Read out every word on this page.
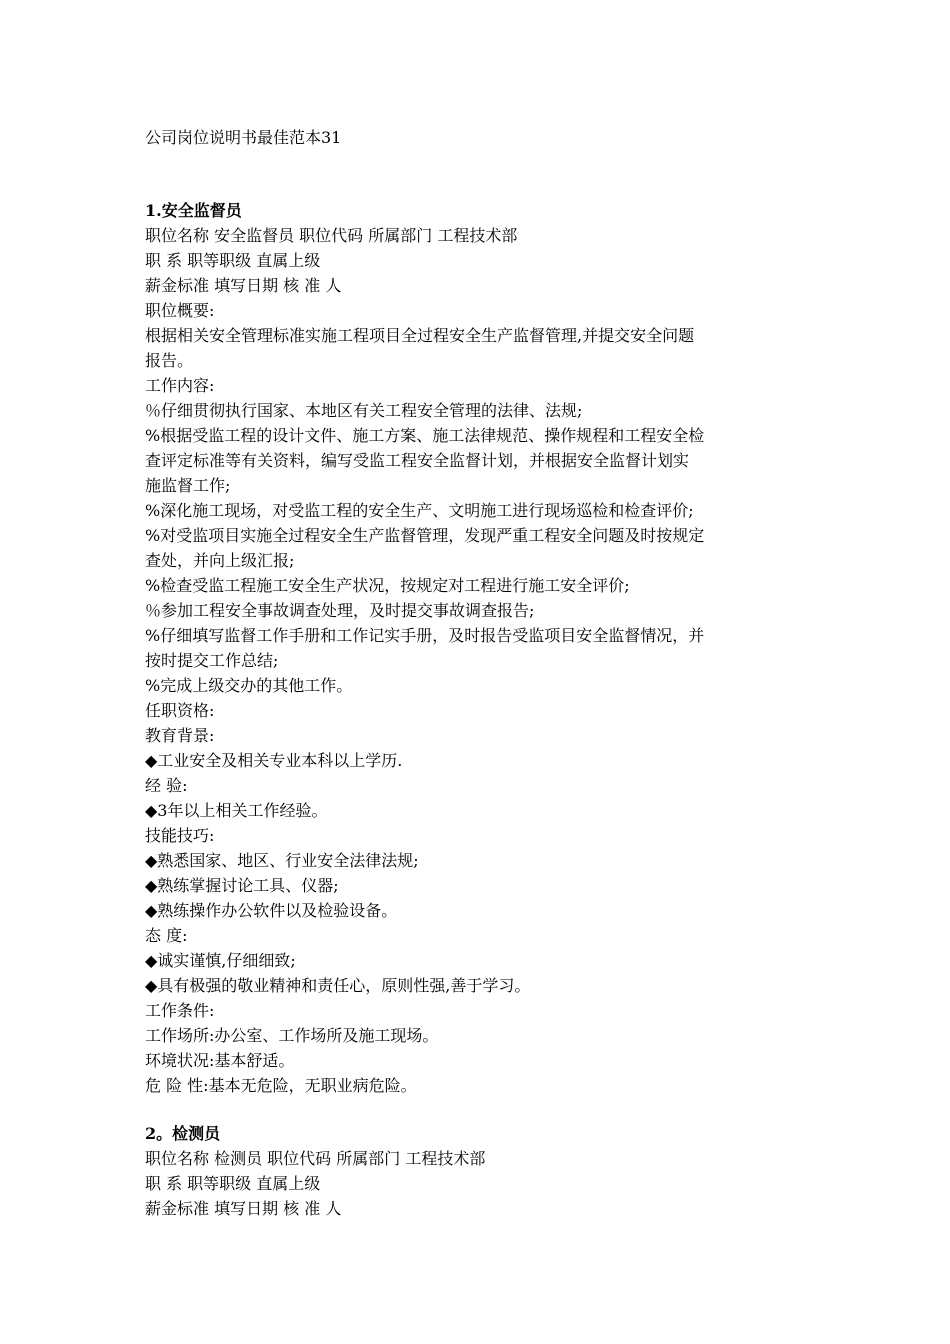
公司岗位说明书最佳范本31

1.安全监督员

职位名称 安全监督员 职位代码 所属部门 工程技术部

职 系 职等职级 直属上级

薪金标准 填写日期 核 准 人

职位概要:

根据相关安全管理标准实施工程项目全过程安全生产监督管理,并提交安全问题

报告。

工作内容:

％仔细贯彻执行国家、本地区有关工程安全管理的法律、法规;

%根据受监工程的设计文件、施工方案、施工法律规范、操作规程和工程安全检

查评定标准等有关资料，编写受监工程安全监督计划，并根据安全监督计划实

施监督工作;

%深化施工现场，对受监工程的安全生产、文明施工进行现场巡检和检查评价;

%对受监项目实施全过程安全生产监督管理，发现严重工程安全问题及时按规定

查处，并向上级汇报;

%检查受监工程施工安全生产状况，按规定对工程进行施工安全评价;

％参加工程安全事故调查处理，及时提交事故调查报告;

%仔细填写监督工作手册和工作记实手册，及时报告受监项目安全监督情况，并

按时提交工作总结;

%完成上级交办的其他工作。

任职资格:

教育背景:

◆工业安全及相关专业本科以上学历.

经 验:

◆3年以上相关工作经验。

技能技巧:

◆熟悉国家、地区、行业安全法律法规;

◆熟练掌握讨论工具、仪器;

◆熟练操作办公软件以及检验设备。

态 度:

◆诚实谨慎,仔细细致;

◆具有极强的敬业精神和责任心，原则性强,善于学习。

工作条件:

工作场所:办公室、工作场所及施工现场。

环境状况:基本舒适。

危 险 性:基本无危险，无职业病危险。

2。检测员

职位名称 检测员 职位代码 所属部门 工程技术部

职 系 职等职级 直属上级

薪金标准 填写日期 核 准 人
